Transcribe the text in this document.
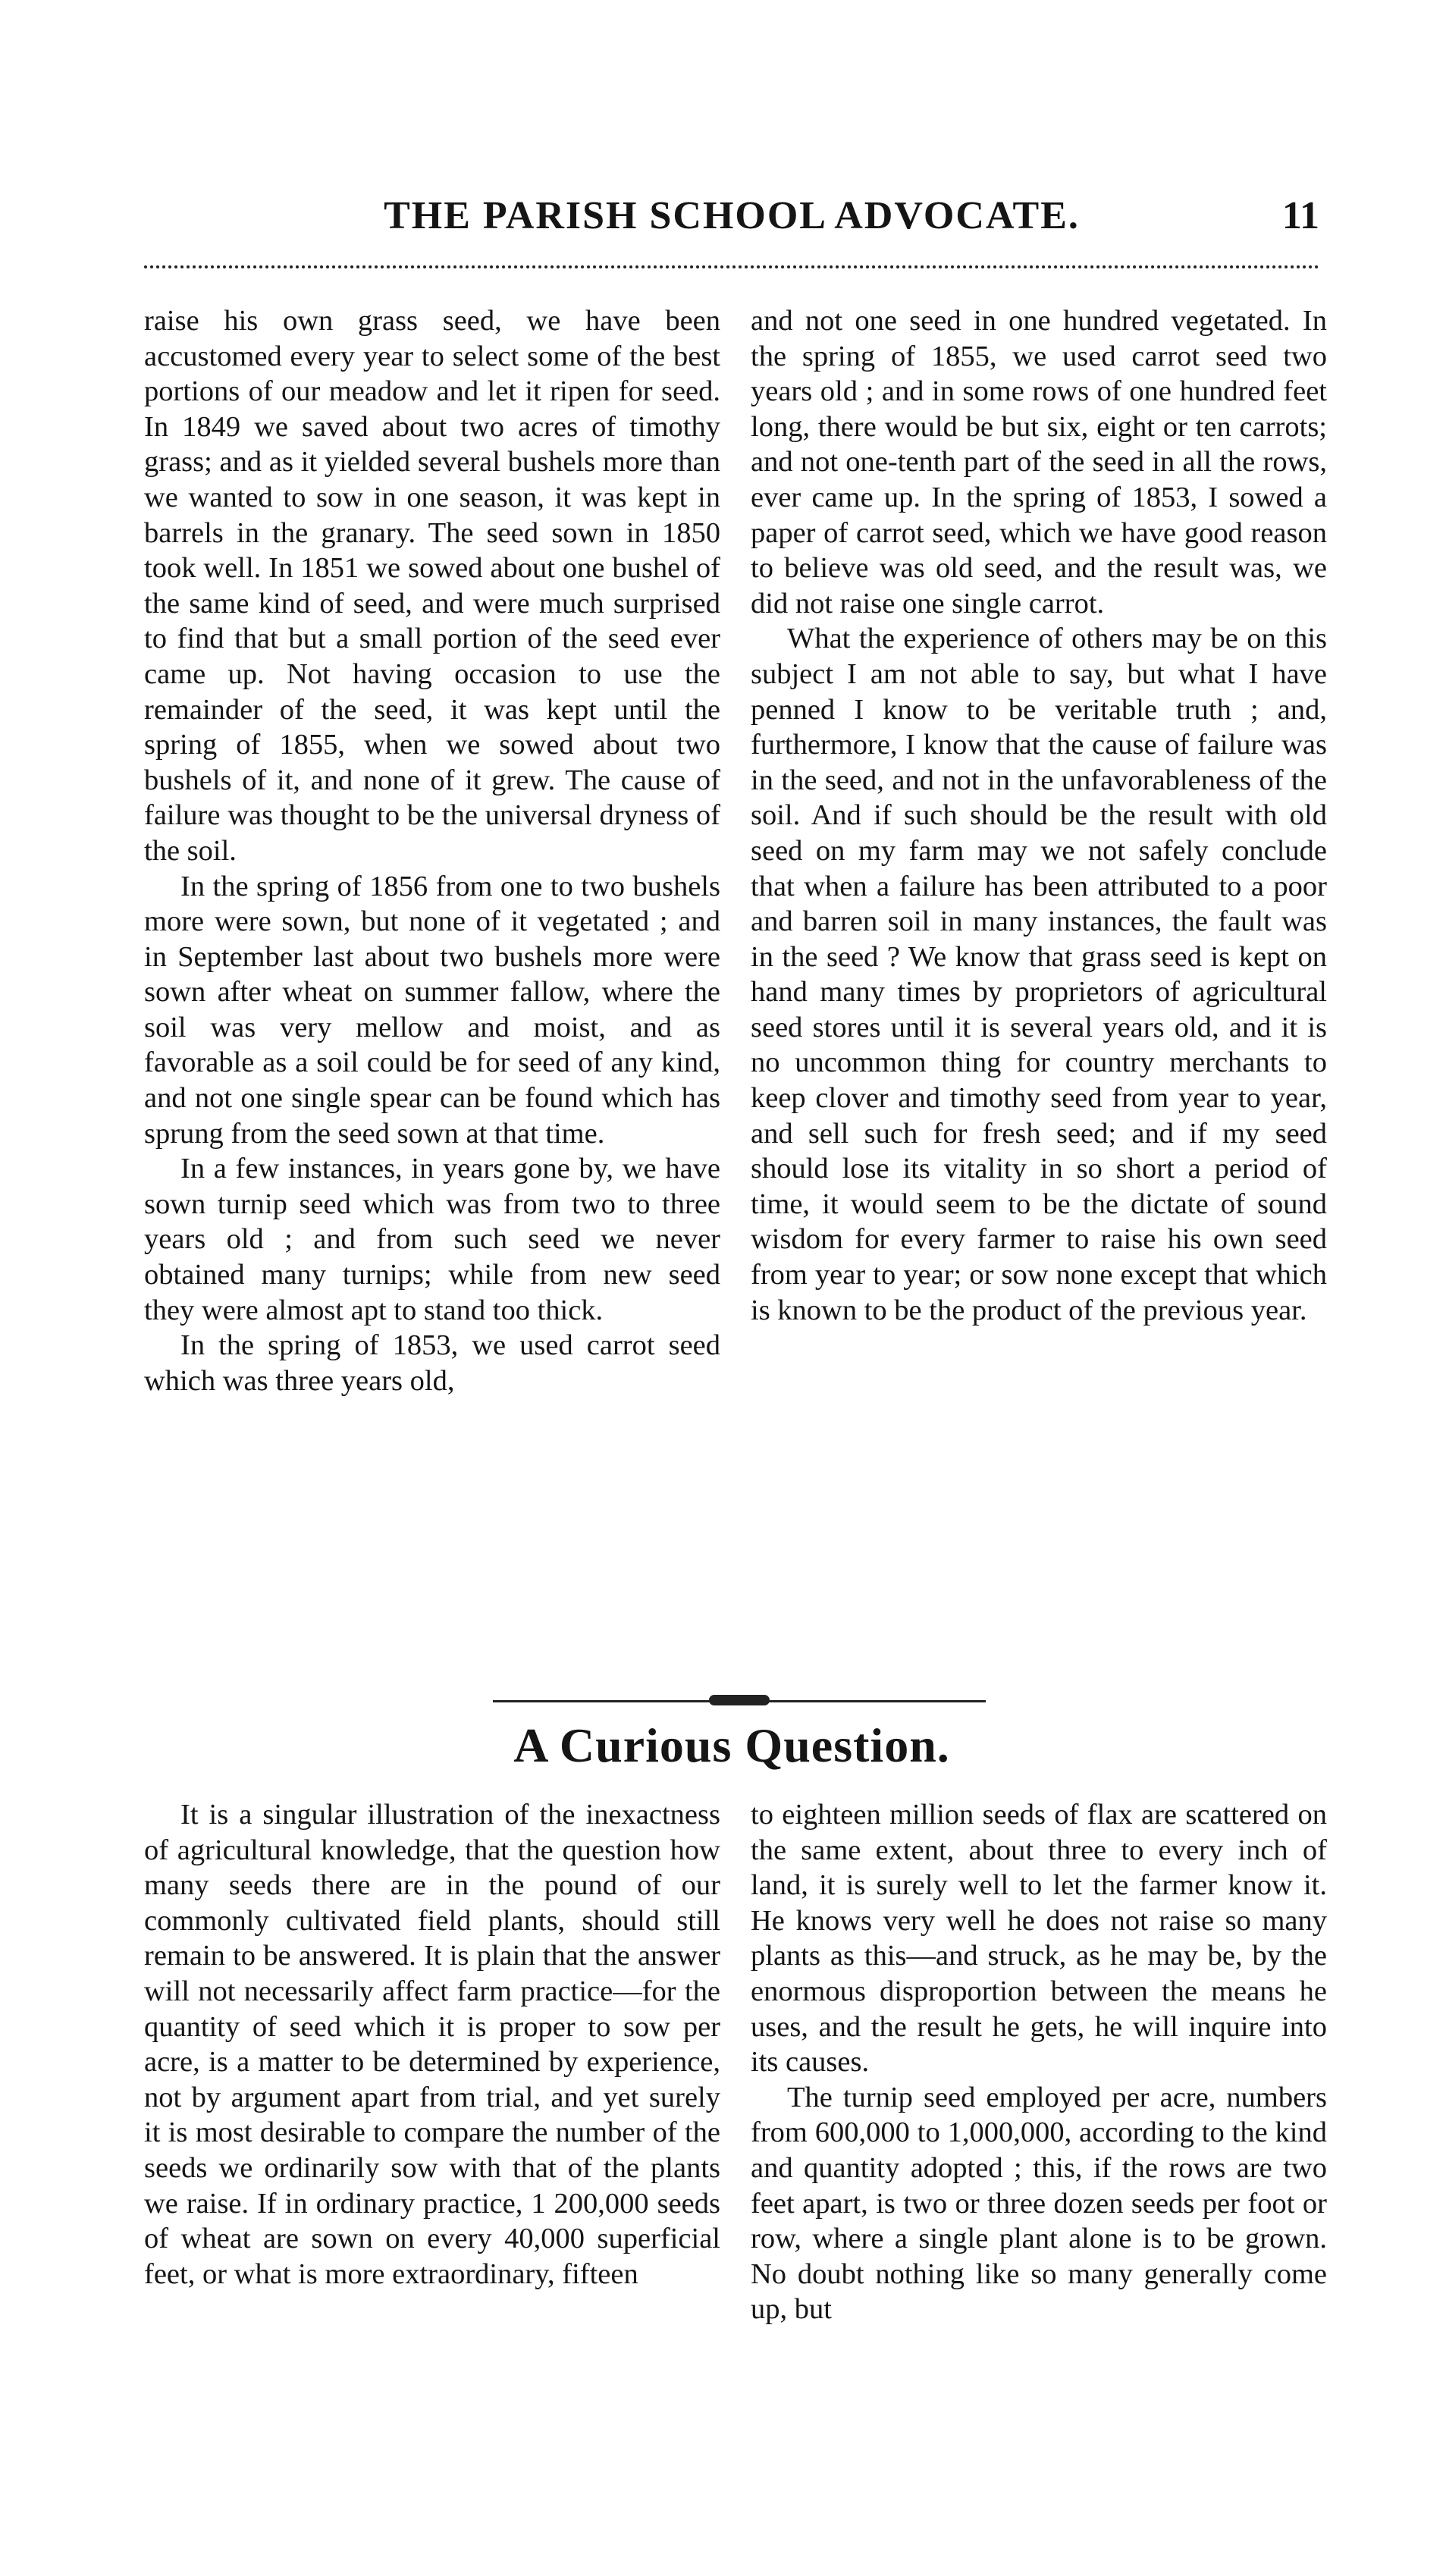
THE PARISH SCHOOL ADVOCATE.	11

raise his own grass seed, we have been accustomed every year to select some of the best portions of our meadow and let it ripen for seed. In 1849 we saved about two acres of timothy grass; and as it yielded several bushels more than we wanted to sow in one season, it was kept in barrels in the granary. The seed sown in 1850 took well. In 1851 we sowed about one bushel of the same kind of seed, and were much surprised to find that but a small portion of the seed ever came up. Not having occasion to use the remainder of the seed, it was kept until the spring of 1855, when we sowed about two bushels of it, and none of it grew. The cause of failure was thought to be the universal dryness of the soil.

In the spring of 1856 from one to two bushels more were sown, but none of it vegetated ; and in September last about two bushels more were sown after wheat on summer fallow, where the soil was very mellow and moist, and as favorable as a soil could be for seed of any kind, and not one single spear can be found which has sprung from the seed sown at that time.

In a few instances, in years gone by, we have sown turnip seed which was from two to three years old ; and from such seed we never obtained many turnips; while from new seed they were almost apt to stand too thick.

In the spring of 1853, we used carrot seed which was three years old,

and not one seed in one hundred vegetated. In the spring of 1855, we used carrot seed two years old ; and in some rows of one hundred feet long, there would be but six, eight or ten carrots; and not one-tenth part of the seed in all the rows, ever came up. In the spring of 1853, I sowed a paper of carrot seed, which we have good reason to believe was old seed, and the result was, we did not raise one single carrot.

What the experience of others may be on this subject I am not able to say, but what I have penned I know to be veritable truth ; and, furthermore, I know that the cause of failure was in the seed, and not in the unfavorableness of the soil. And if such should be the result with old seed on my farm may we not safely conclude that when a failure has been attributed to a poor and barren soil in many instances, the fault was in the seed ? We know that grass seed is kept on hand many times by proprietors of agricultural seed stores until it is several years old, and it is no uncommon thing for country merchants to keep clover and timothy seed from year to year, and sell such for fresh seed; and if my seed should lose its vitality in so short a period of time, it would seem to be the dictate of sound wisdom for every farmer to raise his own seed from year to year; or sow none except that which is known to be the product of the previous year.

A Curious Question.

It is a singular illustration of the inexactness of agricultural knowledge, that the question how many seeds there are in the pound of our commonly cultivated field plants, should still remain to be answered. It is plain that the answer will not necessarily affect farm practice—for the quantity of seed which it is proper to sow per acre, is a matter to be determined by experience, not by argument apart from trial, and yet surely it is most desirable to compare the number of the seeds we ordinarily sow with that of the plants we raise. If in ordinary practice, 1 200,000 seeds of wheat are sown on every 40,000 superficial feet, or what is more extraordinary, fifteen

to eighteen million seeds of flax are scattered on the same extent, about three to every inch of land, it is surely well to let the farmer know it. He knows very well he does not raise so many plants as this—and struck, as he may be, by the enormous disproportion between the means he uses, and the result he gets, he will inquire into its causes.

The turnip seed employed per acre, numbers from 600,000 to 1,000,000, according to the kind and quantity adopted ; this, if the rows are two feet apart, is two or three dozen seeds per foot or row, where a single plant alone is to be grown. No doubt nothing like so many generally come up, but
